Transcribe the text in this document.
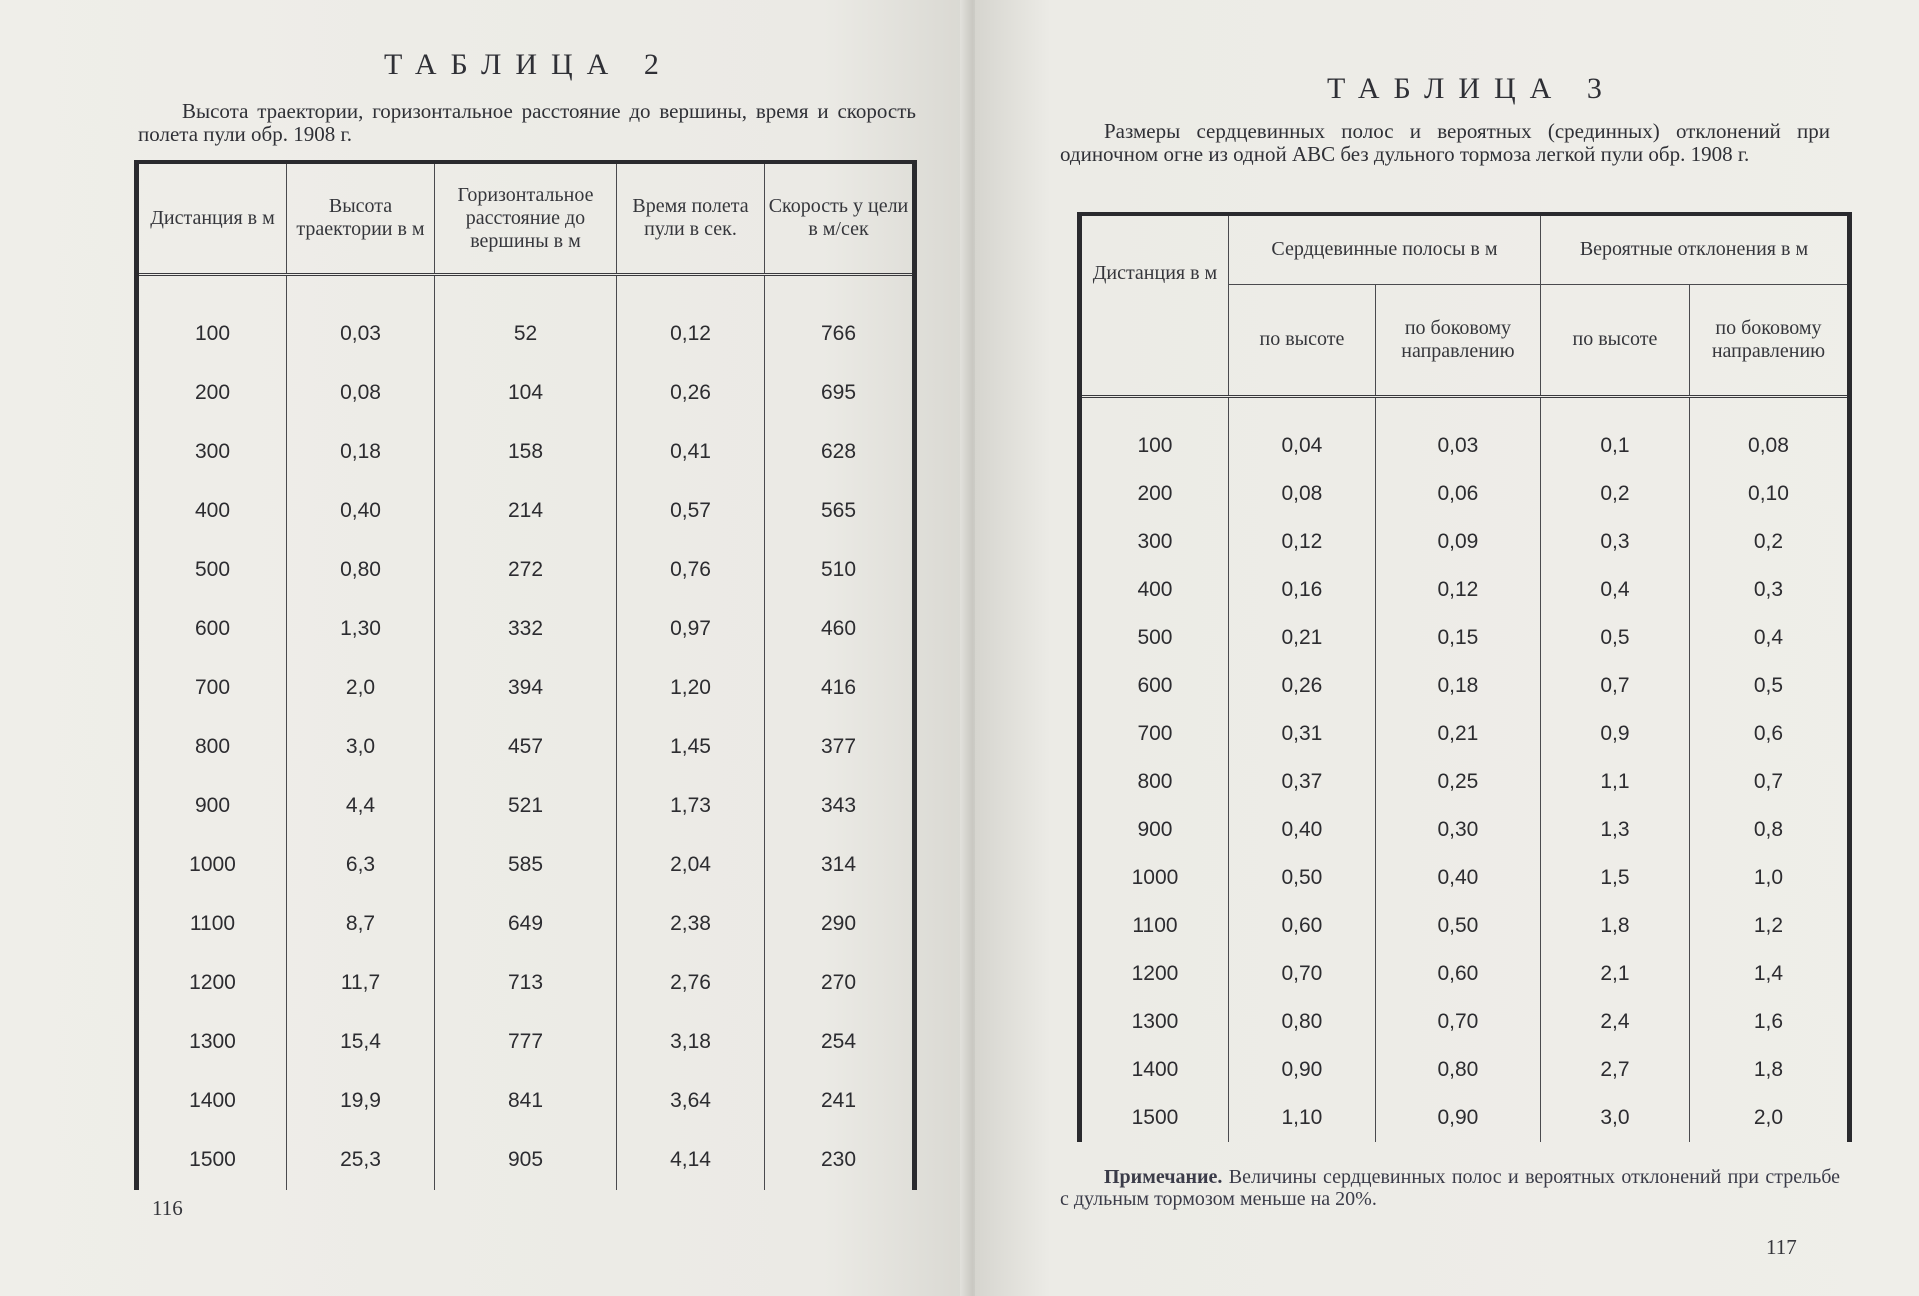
ТАБЛИЦА 2
Высота траектории, горизонтальное расстояние до вершины, время и скорость полета пули обр. 1908 г.
Дистанция в м	Высота траектории в м	Горизонтальное расстояние до вершины в м	Время полета пули в сек.	Скорость у цели в м/сек

100	0,03	52	0,12	766
200	0,08	104	0,26	695
300	0,18	158	0,41	628
400	0,40	214	0,57	565
500	0,80	272	0,76	510
600	1,30	332	0,97	460
700	2,0	394	1,20	416
800	3,0	457	1,45	377
900	4,4	521	1,73	343
1000	6,3	585	2,04	314
1100	8,7	649	2,38	290
1200	11,7	713	2,76	270
1300	15,4	777	3,18	254
1400	19,9	841	3,64	241
1500	25,3	905	4,14	230
116
ТАБЛИЦА 3
Размеры сердцевинных полос и вероятных (срединных) отклонений при одиночном огне из одной АВС без дульного тормоза легкой пули обр. 1908 г.
Дистанция в м	Сердцевинные полосы в м		Вероятные отклонения в м	
	по высоте	по боковому направлению	по высоте	по боковому направлению

100	0,04	0,03	0,1	0,08
200	0,08	0,06	0,2	0,10
300	0,12	0,09	0,3	0,2
400	0,16	0,12	0,4	0,3
500	0,21	0,15	0,5	0,4
600	0,26	0,18	0,7	0,5
700	0,31	0,21	0,9	0,6
800	0,37	0,25	1,1	0,7
900	0,40	0,30	1,3	0,8
1000	0,50	0,40	1,5	1,0
1100	0,60	0,50	1,8	1,2
1200	0,70	0,60	2,1	1,4
1300	0,80	0,70	2,4	1,6
1400	0,90	0,80	2,7	1,8
1500	1,10	0,90	3,0	2,0
Примечание. Величины сердцевинных полос и вероятных отклонений при стрельбе с дульным тормозом меньше на 20%.
117
